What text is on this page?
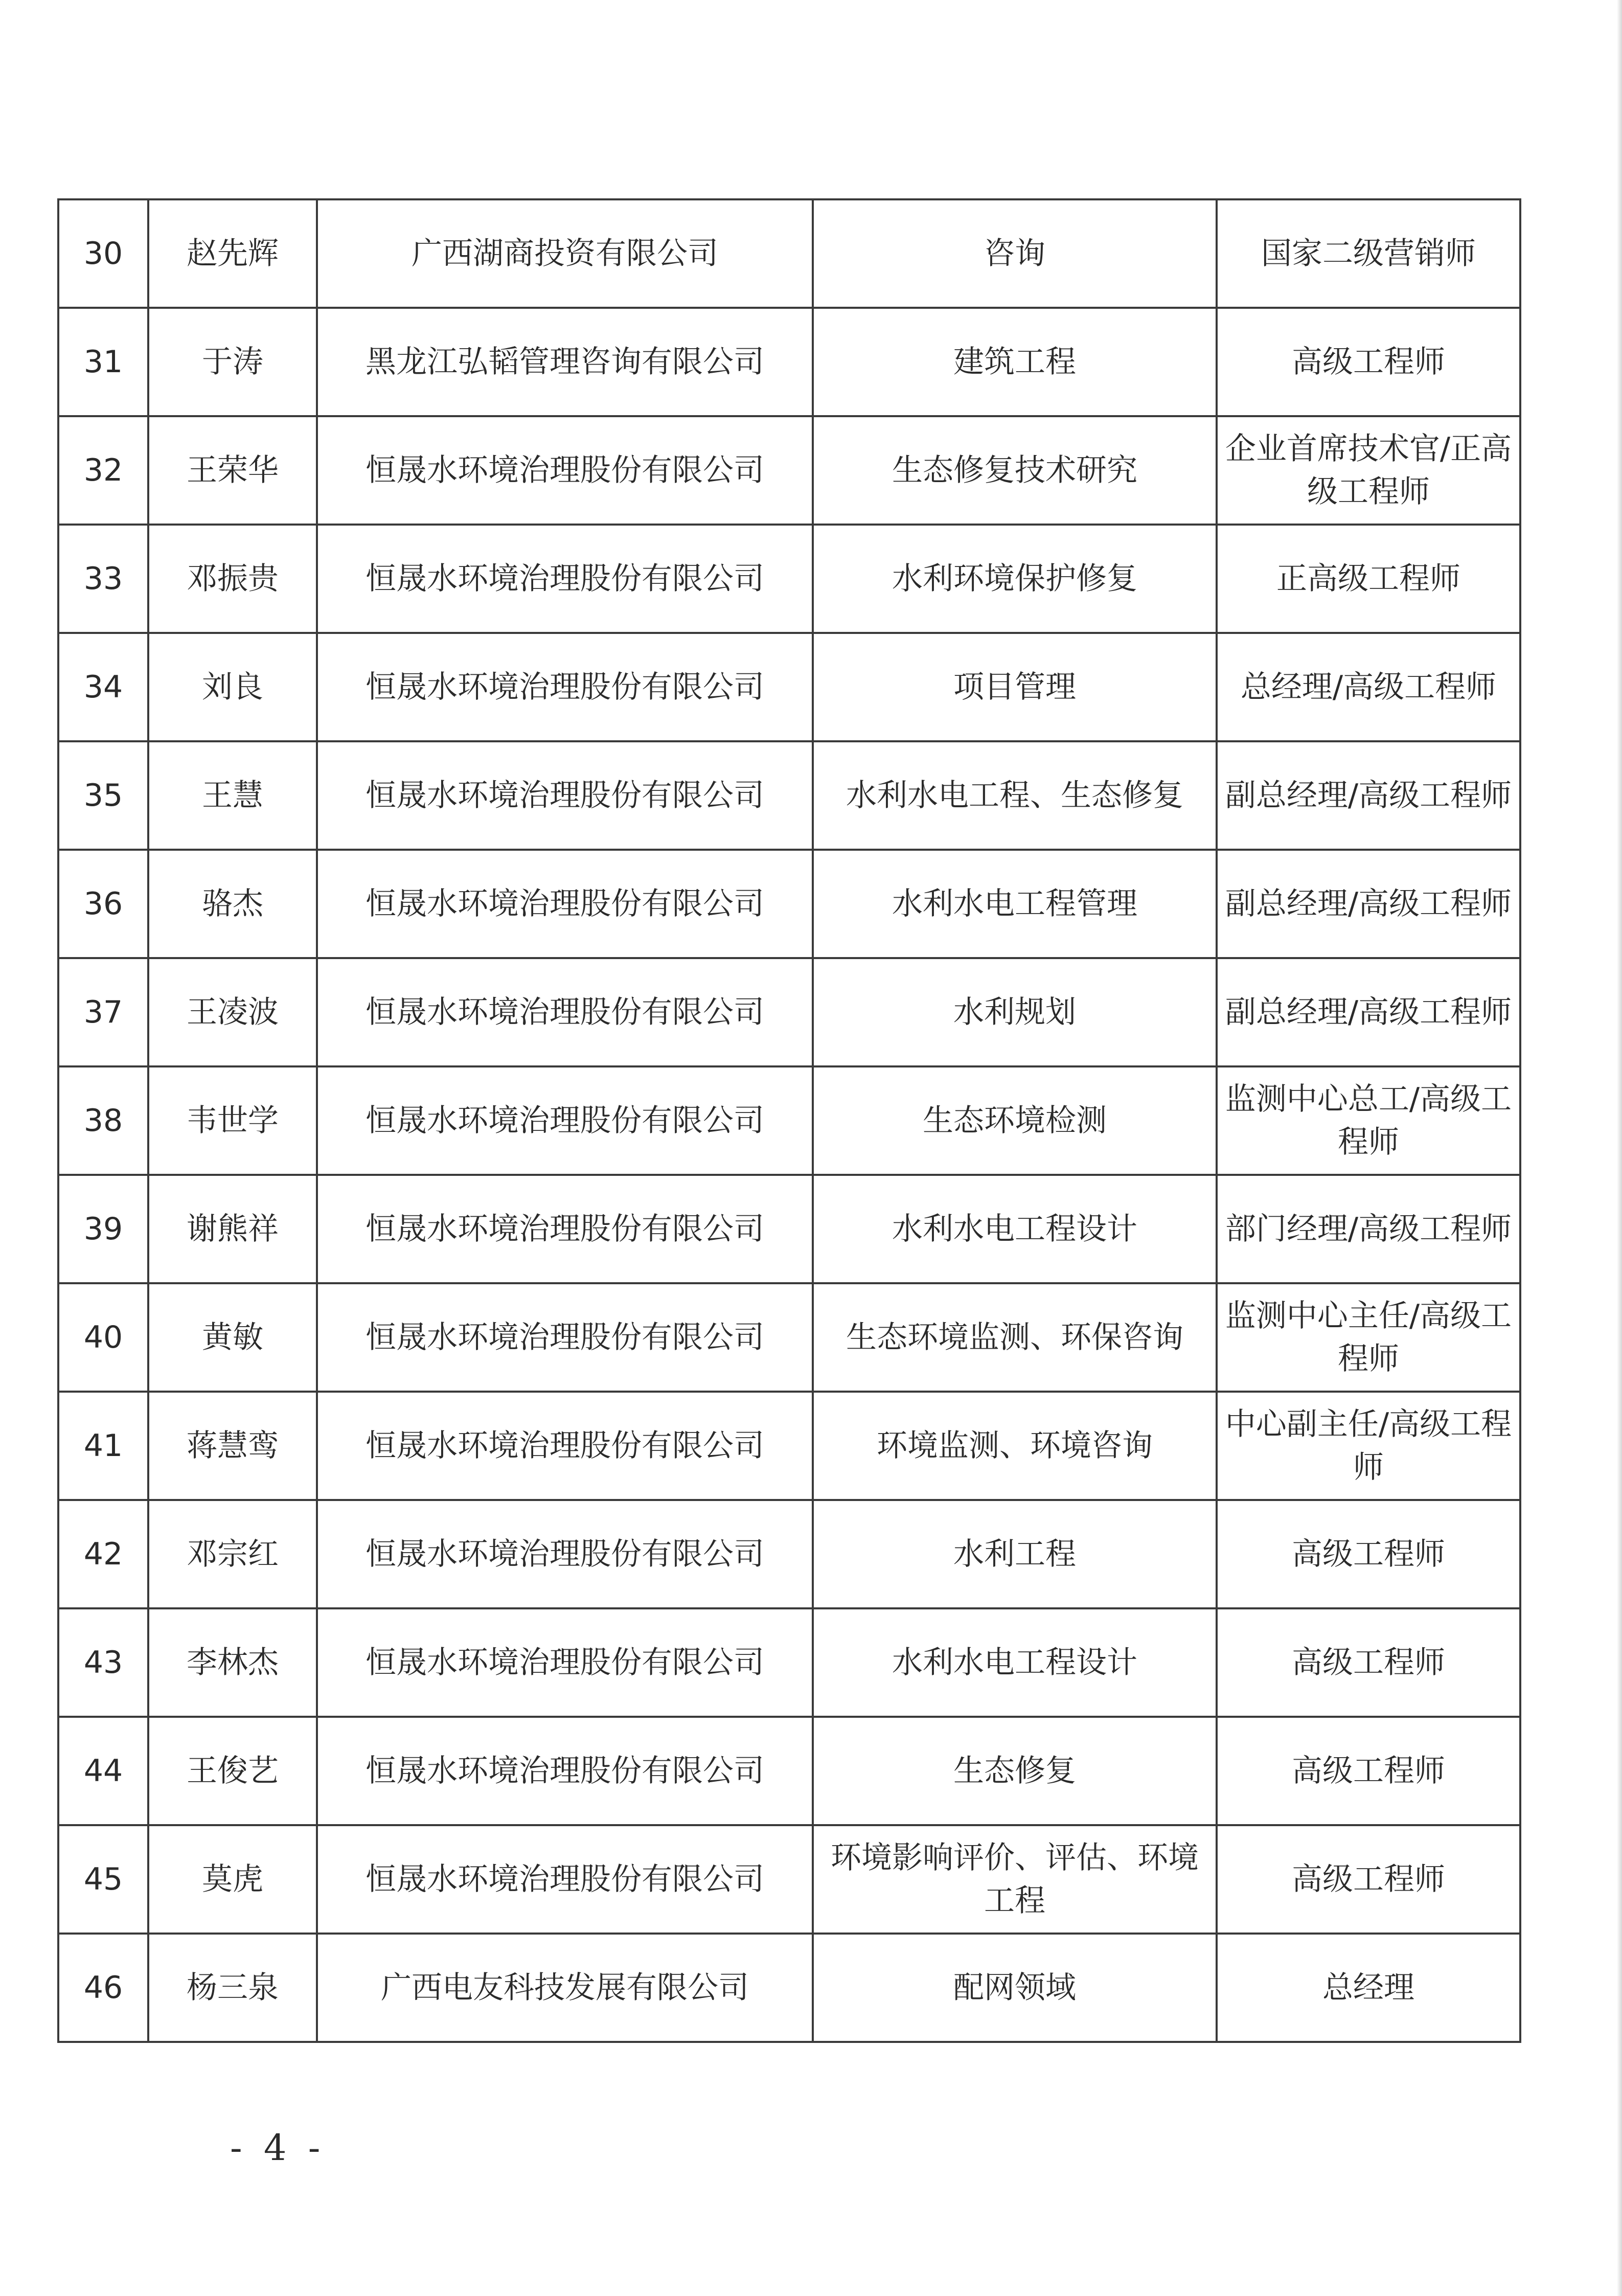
30	赵先辉	广西湖商投资有限公司	咨询	国家二级营销师
31	于涛	黑龙江弘韬管理咨询有限公司	建筑工程	高级工程师
32	王荣华	恒晟水环境治理股份有限公司	生态修复技术研究	企业首席技术官/正高级工程师
33	邓振贵	恒晟水环境治理股份有限公司	水利环境保护修复	正高级工程师
34	刘良	恒晟水环境治理股份有限公司	项目管理	总经理/高级工程师
35	王慧	恒晟水环境治理股份有限公司	水利水电工程、生态修复	副总经理/高级工程师
36	骆杰	恒晟水环境治理股份有限公司	水利水电工程管理	副总经理/高级工程师
37	王凌波	恒晟水环境治理股份有限公司	水利规划	副总经理/高级工程师
38	韦世学	恒晟水环境治理股份有限公司	生态环境检测	监测中心总工/高级工程师
39	谢熊祥	恒晟水环境治理股份有限公司	水利水电工程设计	部门经理/高级工程师
40	黄敏	恒晟水环境治理股份有限公司	生态环境监测、环保咨询	监测中心主任/高级工程师
41	蒋慧鸾	恒晟水环境治理股份有限公司	环境监测、环境咨询	中心副主任/高级工程师
42	邓宗红	恒晟水环境治理股份有限公司	水利工程	高级工程师
43	李林杰	恒晟水环境治理股份有限公司	水利水电工程设计	高级工程师
44	王俊艺	恒晟水环境治理股份有限公司	生态修复	高级工程师
45	莫虎	恒晟水环境治理股份有限公司	环境影响评价、评估、环境工程	高级工程师
46	杨三泉	广西电友科技发展有限公司	配网领域	总经理
- 4 -
